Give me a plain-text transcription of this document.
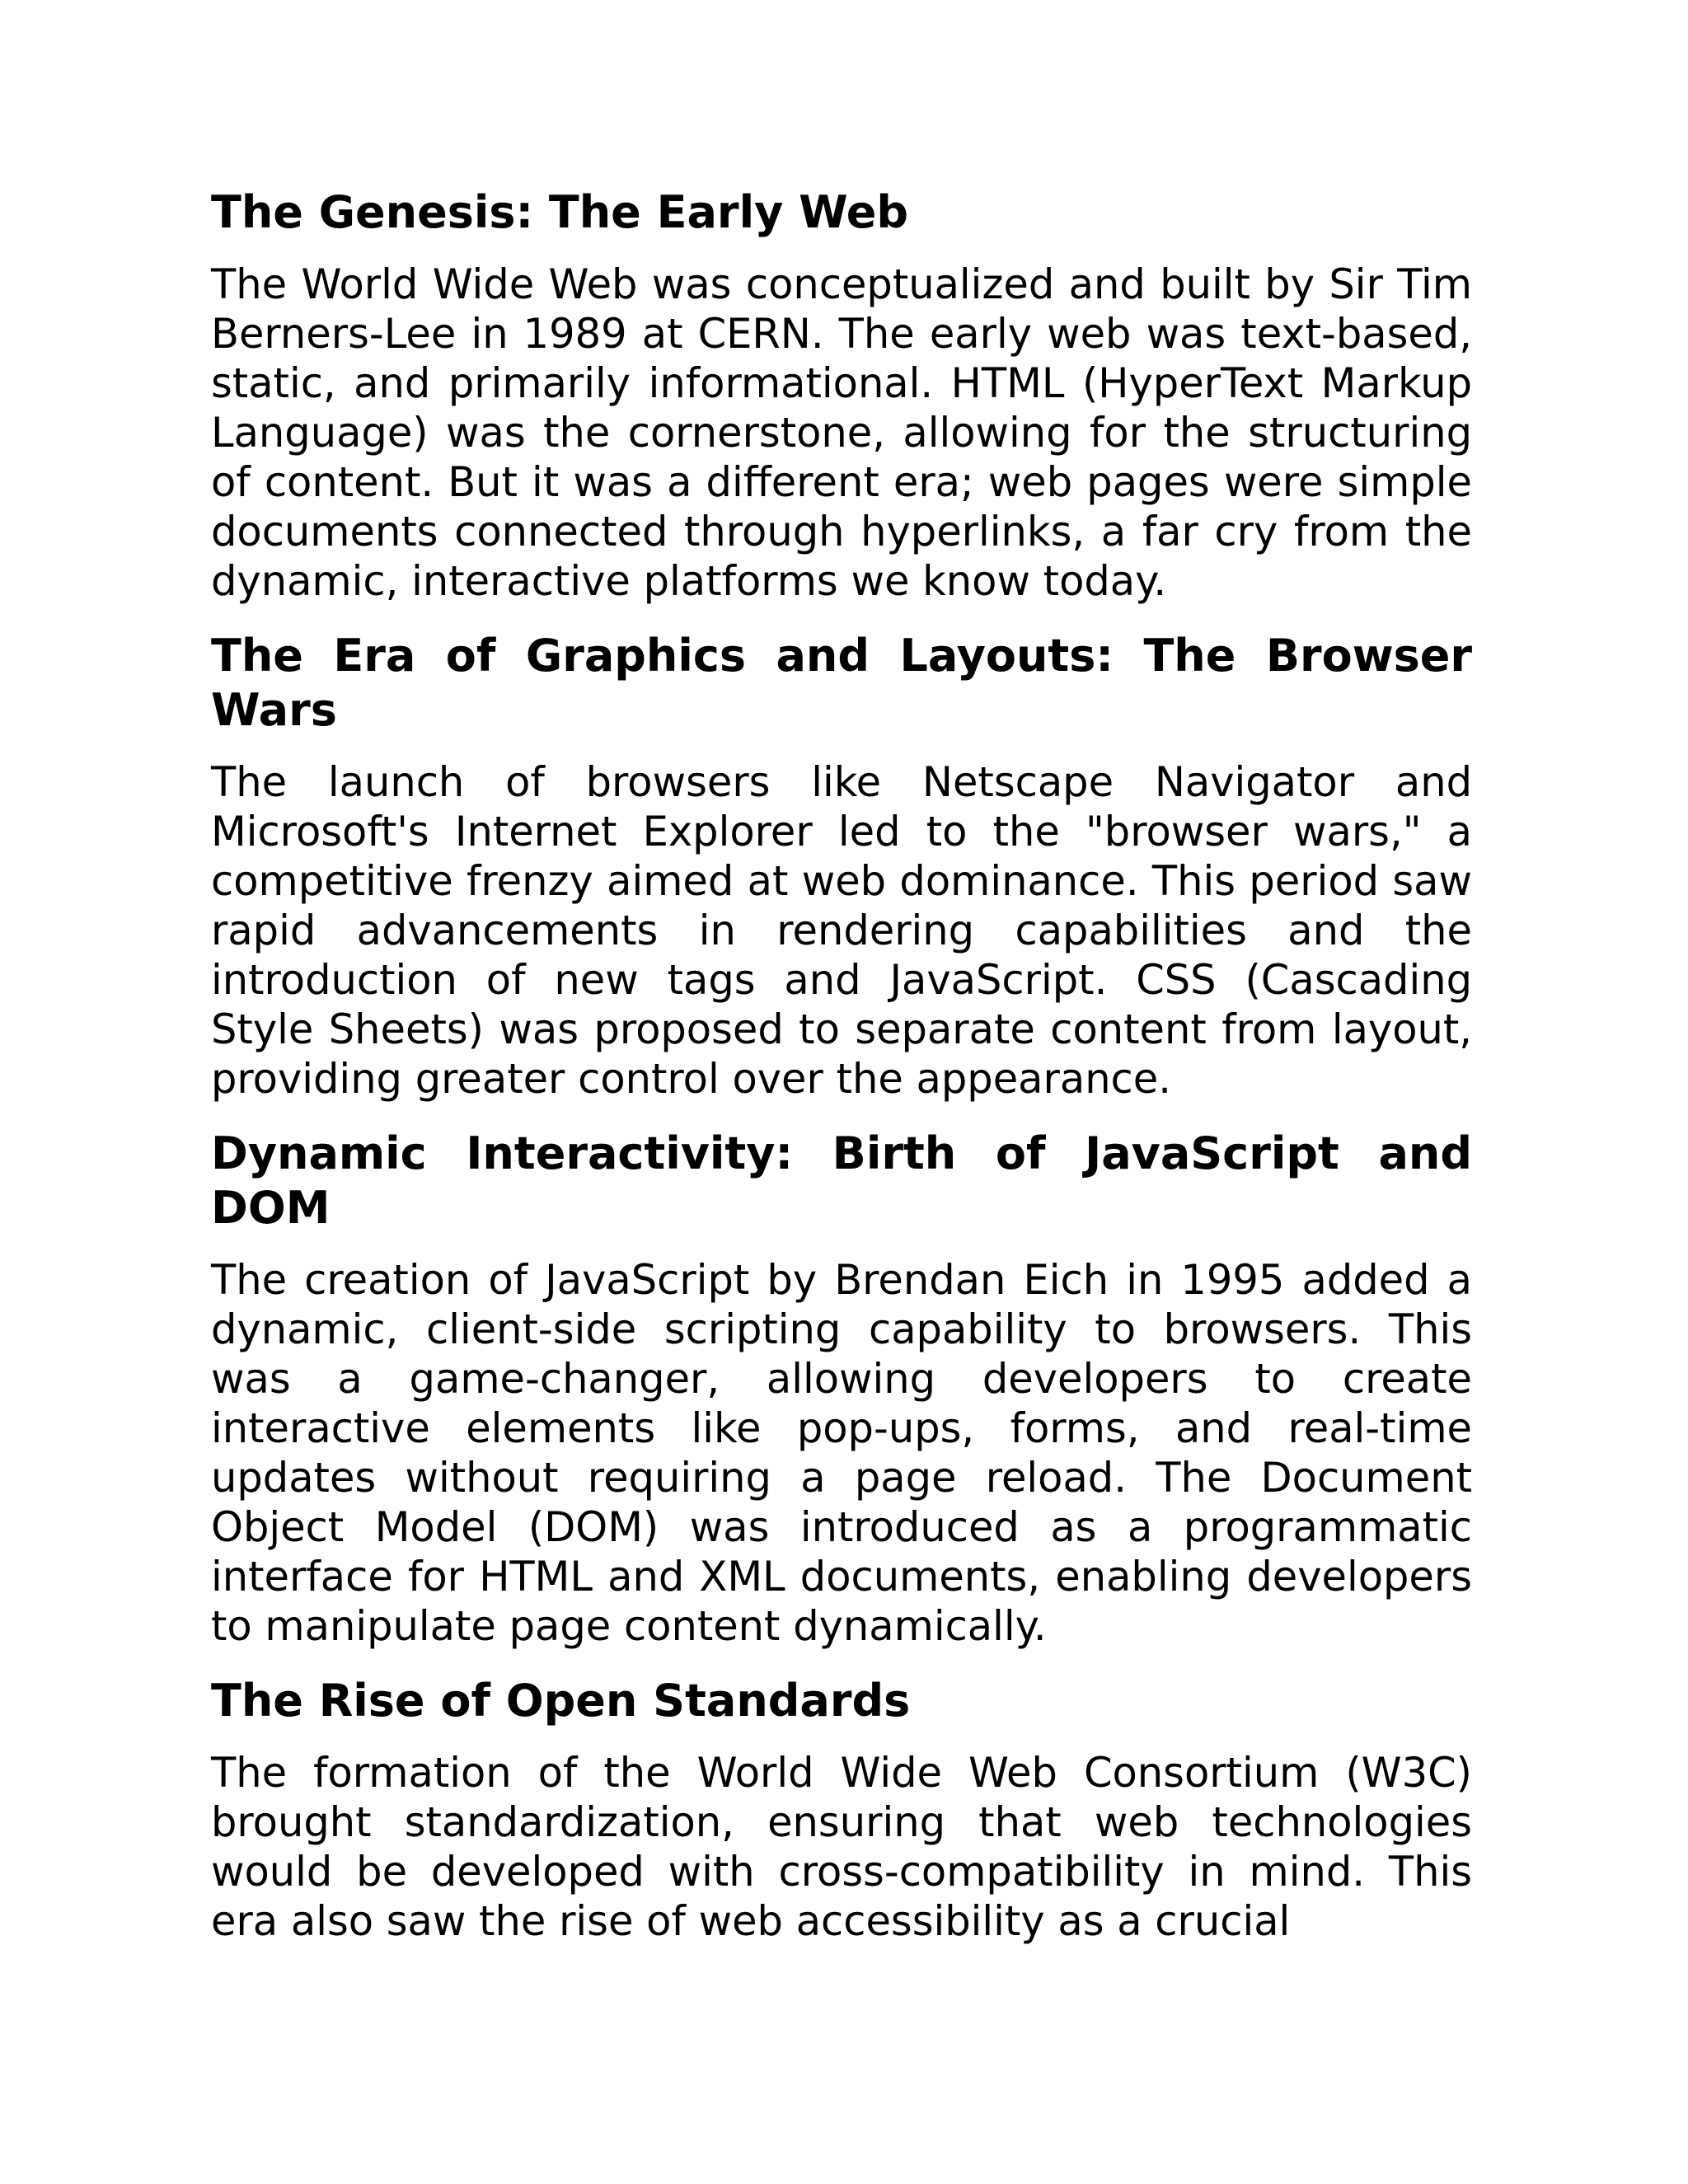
The Genesis: The Early Web

The World Wide Web was conceptualized and built by Sir Tim Berners-Lee in 1989 at CERN. The early web was text-based, static, and primarily informational. HTML (HyperText Markup Language) was the cornerstone, allowing for the structuring of content. But it was a different era; web pages were simple documents connected through hyperlinks, a far cry from the dynamic, interactive platforms we know today.

The Era of Graphics and Layouts: The Browser Wars

The launch of browsers like Netscape Navigator and Microsoft's Internet Explorer led to the "browser wars," a competitive frenzy aimed at web dominance. This period saw rapid advancements in rendering capabilities and the introduction of new tags and JavaScript. CSS (Cascading Style Sheets) was proposed to separate content from layout, providing greater control over the appearance.

Dynamic Interactivity: Birth of JavaScript and DOM

The creation of JavaScript by Brendan Eich in 1995 added a dynamic, client-side scripting capability to browsers. This was a game-changer, allowing developers to create interactive elements like pop-ups, forms, and real-time updates without requiring a page reload. The Document Object Model (DOM) was introduced as a programmatic interface for HTML and XML documents, enabling developers to manipulate page content dynamically.

The Rise of Open Standards

The formation of the World Wide Web Consortium (W3C) brought standardization, ensuring that web technologies would be developed with cross-compatibility in mind. This era also saw the rise of web accessibility as a crucial
